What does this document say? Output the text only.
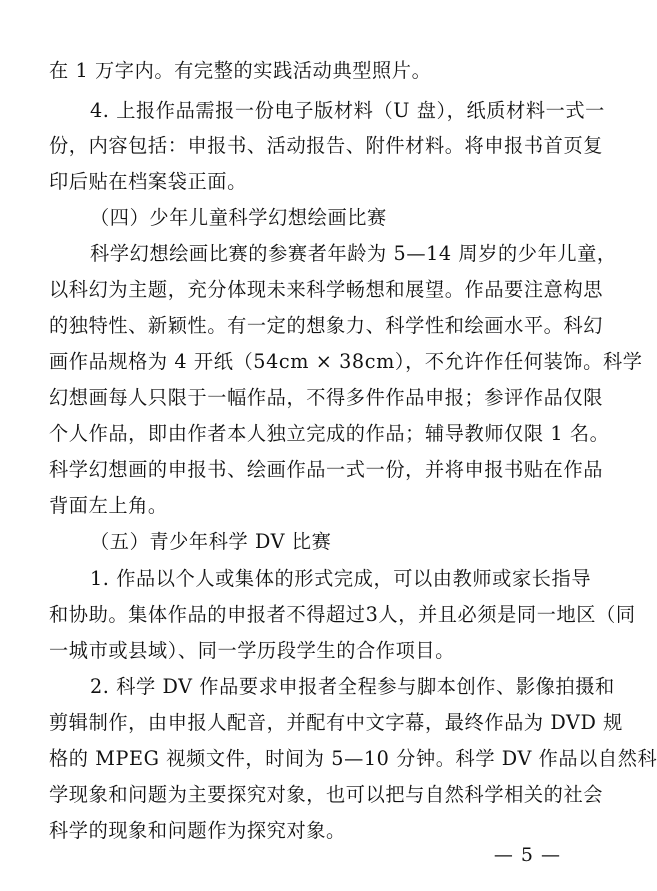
在 1 万字内。有完整的实践活动典型照片。
4. 上报作品需报一份电子版材料（U 盘），纸质材料一式一
份，内容包括：申报书、活动报告、附件材料。将申报书首页复
印后贴在档案袋正面。
（四）少年儿童科学幻想绘画比赛
科学幻想绘画比赛的参赛者年龄为 5—14 周岁的少年儿童，
以科幻为主题，充分体现未来科学畅想和展望。作品要注意构思
的独特性、新颖性。有一定的想象力、科学性和绘画水平。科幻
画作品规格为 4 开纸（54cm × 38cm），不允许作任何装饰。科学
幻想画每人只限于一幅作品，不得多件作品申报；参评作品仅限
个人作品，即由作者本人独立完成的作品；辅导教师仅限 1 名。
科学幻想画的申报书、绘画作品一式一份，并将申报书贴在作品
背面左上角。
（五）青少年科学 DV 比赛
1. 作品以个人或集体的形式完成，可以由教师或家长指导
和协助。集体作品的申报者不得超过3人，并且必须是同一地区（同
一城市或县域）、同一学历段学生的合作项目。
2. 科学 DV 作品要求申报者全程参与脚本创作、影像拍摄和
剪辑制作，由申报人配音，并配有中文字幕，最终作品为 DVD 规
格的 MPEG 视频文件，时间为 5—10 分钟。科学 DV 作品以自然科
学现象和问题为主要探究对象，也可以把与自然科学相关的社会
科学的现象和问题作为探究对象。
— 5 —
